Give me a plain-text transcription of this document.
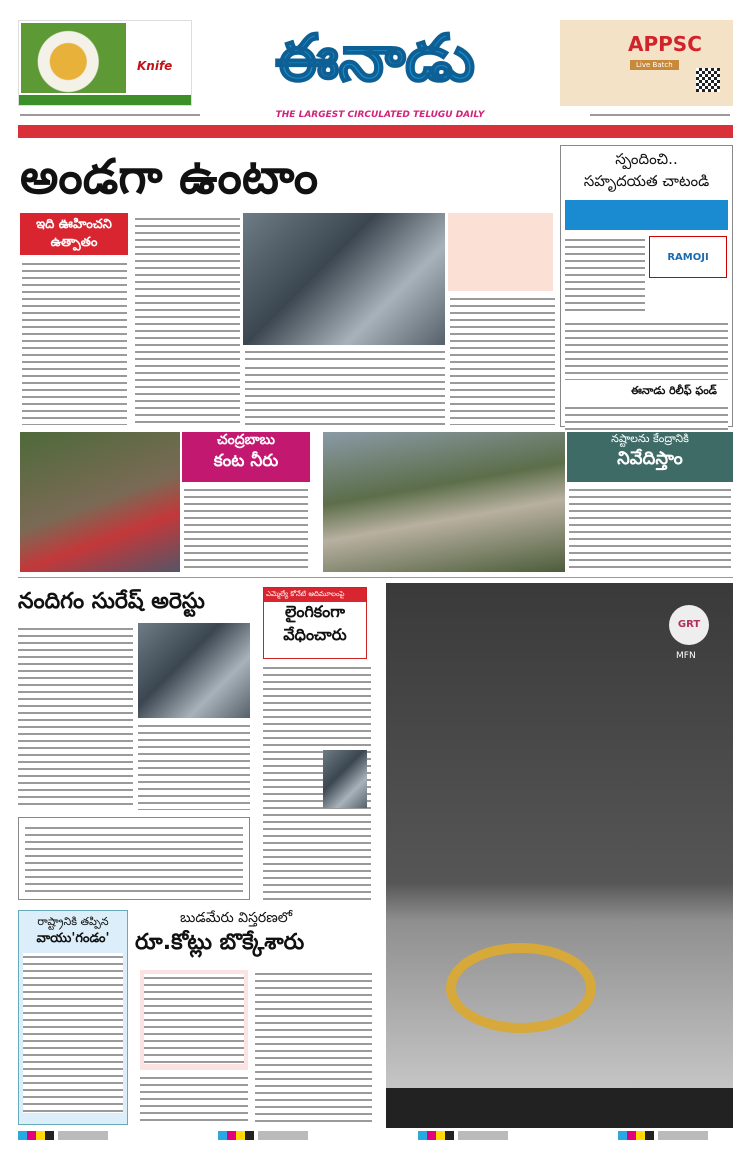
Knife	ఈనాడు
THE LARGEST CIRCULATED TELUGU DAILY
APPSC
Live Batch
అండగా ఉంటాం
ఇది ఊహించని ఉత్పాతం
స్పందించి..
సహృదయత చాటండి
RAMOJI
ఈనాడు రిలీఫ్ ఫండ్
చంద్రబాబు
కంట నీరు
నష్టాలను కేంద్రానికి
నివేదిస్తాం
నందిగం సురేష్ అరెస్టు	ఎమ్మెల్యే కోనేటి ఆదిమూలంపై
లైంగికంగా
వేధించారు
GRT
MFN
రాష్ట్రానికి తప్పిన
వాయు'గండం'
బుడమేరు విస్తరణలో
రూ.కోట్లు బొక్కేశారు
